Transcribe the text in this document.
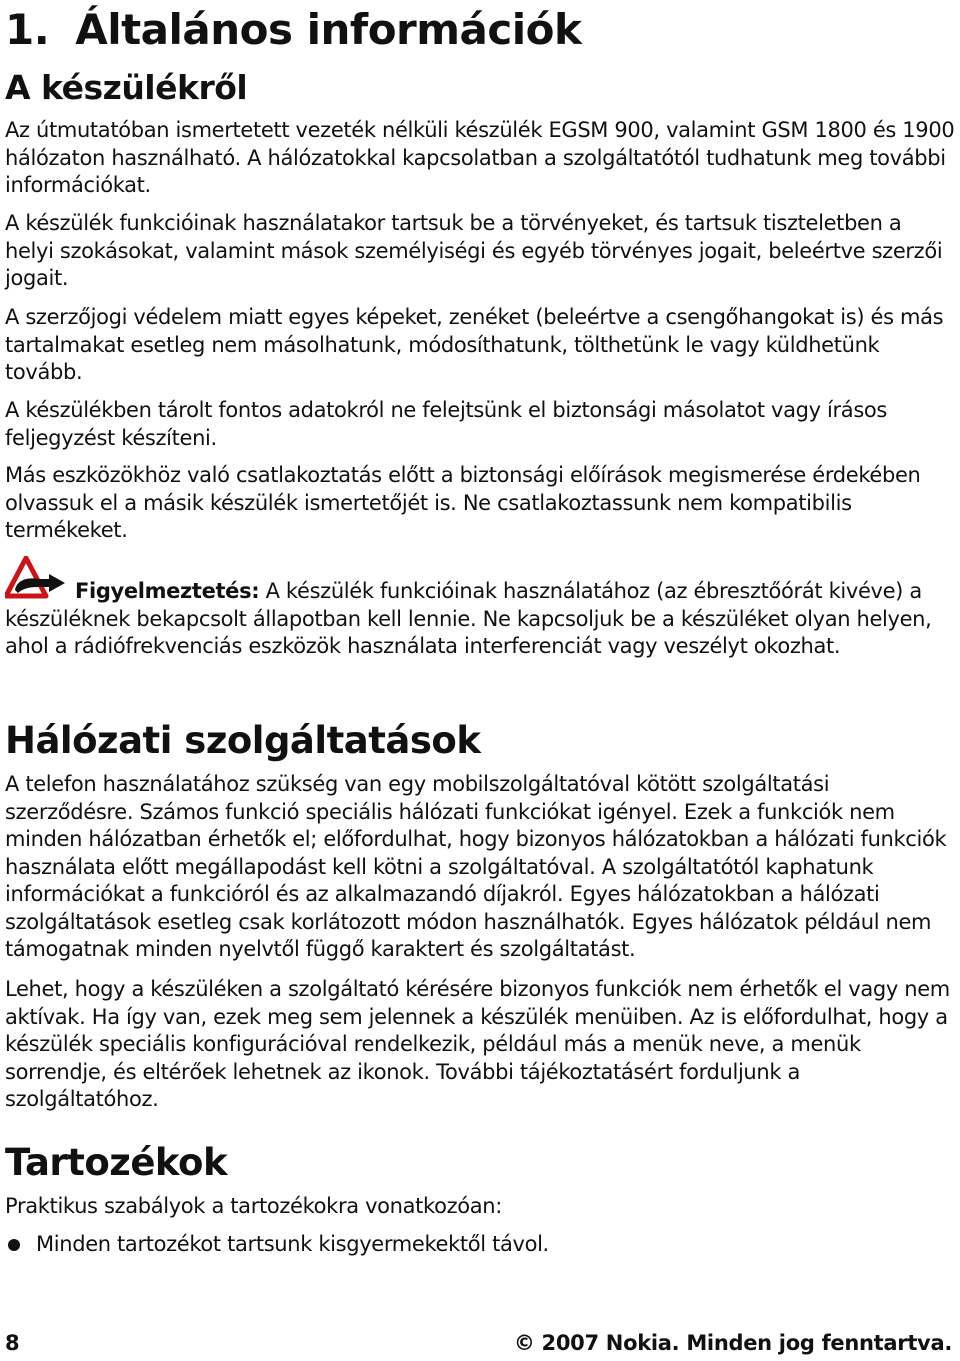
1. Általános információk
A készülékről

Az útmutatóban ismertetett vezeték nélküli készülék EGSM 900, valamint GSM 1800 és 1900 hálózaton használható. A hálózatokkal kapcsolatban a szolgáltatótól tudhatunk meg további információkat.

A készülék funkcióinak használatakor tartsuk be a törvényeket, és tartsuk tiszteletben a helyi szokásokat, valamint mások személyiségi és egyéb törvényes jogait, beleértve szerzői jogait.

A szerzőjogi védelem miatt egyes képeket, zenéket (beleértve a csengőhangokat is) és más tartalmakat esetleg nem másolhatunk, módosíthatunk, tölthetünk le vagy küldhetünk tovább.

A készülékben tárolt fontos adatokról ne felejtsünk el biztonsági másolatot vagy írásos feljegyzést készíteni.

Más eszközökhöz való csatlakoztatás előtt a biztonsági előírások megismerése érdekében olvassuk el a másik készülék ismertetőjét is. Ne csatlakoztassunk nem kompatibilis termékeket.

Figyelmeztetés: A készülék funkcióinak használatához (az ébresztőórát kivéve) a készüléknek bekapcsolt állapotban kell lennie. Ne kapcsoljuk be a készüléket olyan helyen, ahol a rádiófrekvenciás eszközök használata interferenciát vagy veszélyt okozhat.

Hálózati szolgáltatások

A telefon használatához szükség van egy mobilszolgáltatóval kötött szolgáltatási szerződésre. Számos funkció speciális hálózati funkciókat igényel. Ezek a funkciók nem minden hálózatban érhetők el; előfordulhat, hogy bizonyos hálózatokban a hálózati funkciók használata előtt megállapodást kell kötni a szolgáltatóval. A szolgáltatótól kaphatunk információkat a funkcióról és az alkalmazandó díjakról. Egyes hálózatokban a hálózati szolgáltatások esetleg csak korlátozott módon használhatók. Egyes hálózatok például nem támogatnak minden nyelvtől függő karaktert és szolgáltatást.

Lehet, hogy a készüléken a szolgáltató kérésére bizonyos funkciók nem érhetők el vagy nem aktívak. Ha így van, ezek meg sem jelennek a készülék menüiben. Az is előfordulhat, hogy a készülék speciális konfigurációval rendelkezik, például más a menük neve, a menük sorrendje, és eltérőek lehetnek az ikonok. További tájékoztatásért forduljunk a szolgáltatóhoz.

Tartozékok

Praktikus szabályok a tartozékokra vonatkozóan:

Minden tartozékot tartsunk kisgyermekektől távol.
8	© 2007 Nokia. Minden jog fenntartva.
